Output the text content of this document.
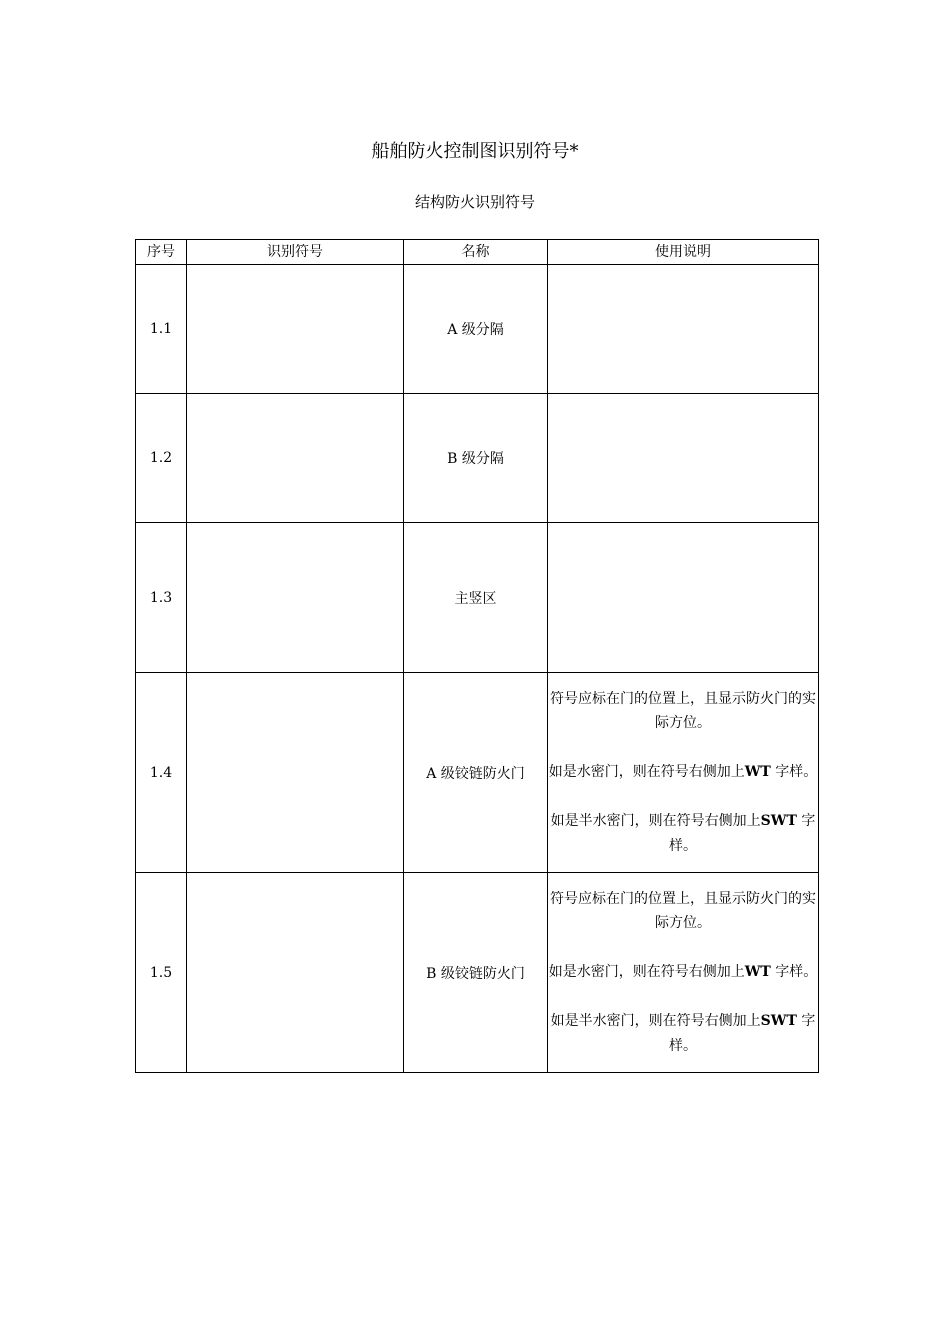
船舶防火控制图识别符号*
结构防火识别符号
序号	识别符号	名称	使用说明
1.1		A 级分隔	
1.2		B 级分隔	
1.3		主竖区	
1.4		A 级铰链防火门	符号应标在门的位置上，且显示防火门的实际方位。

如是水密门，则在符号右侧加上WT 字样。

如是半水密门，则在符号右侧加上SWT 字样。

1.5		B 级铰链防火门	符号应标在门的位置上，且显示防火门的实际方位。

如是水密门，则在符号右侧加上WT 字样。

如是半水密门，则在符号右侧加上SWT 字样。
